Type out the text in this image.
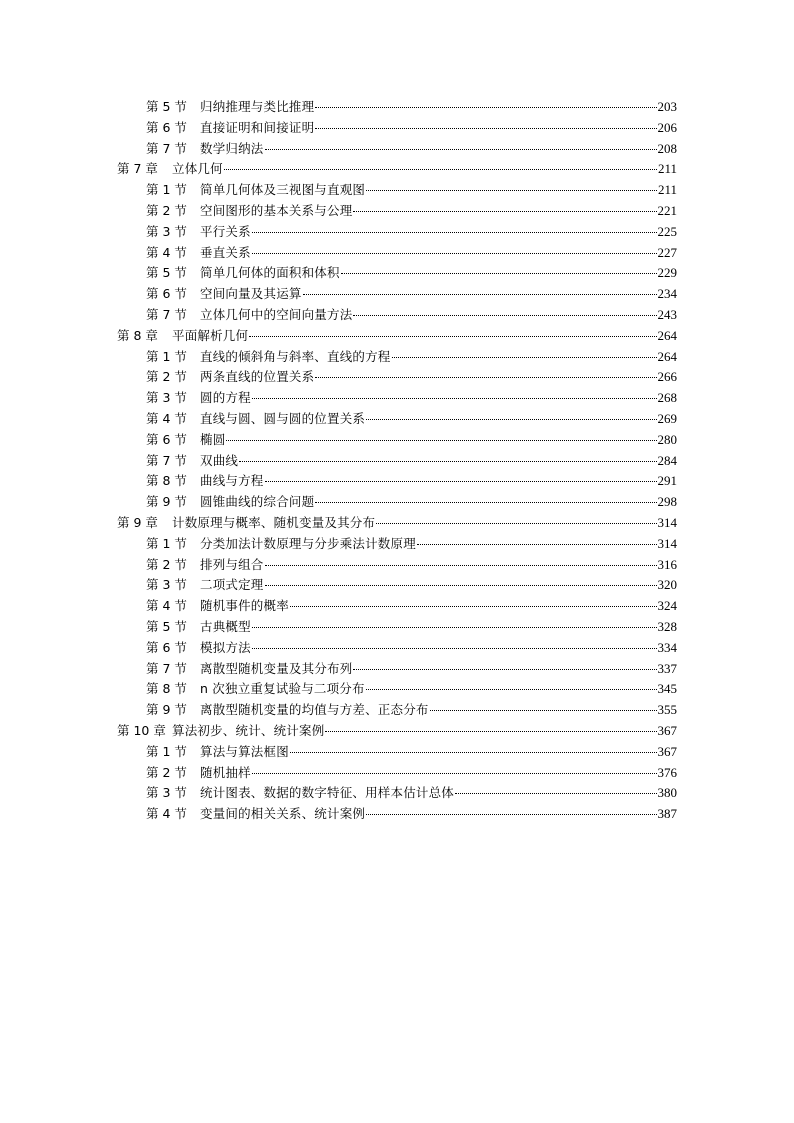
第 5 节	归纳推理与类比推理	203
第 6 节	直接证明和间接证明	206
第 7 节	数学归纳法	208
第 7 章	立体几何	211
第 1 节	简单几何体及三视图与直观图	211
第 2 节	空间图形的基本关系与公理	221
第 3 节	平行关系	225
第 4 节	垂直关系	227
第 5 节	简单几何体的面积和体积	229
第 6 节	空间向量及其运算	234
第 7 节	立体几何中的空间向量方法	243
第 8 章	平面解析几何	264
第 1 节	直线的倾斜角与斜率、直线的方程	264
第 2 节	两条直线的位置关系	266
第 3 节	圆的方程	268
第 4 节	直线与圆、圆与圆的位置关系	269
第 6 节	椭圆	280
第 7 节	双曲线	284
第 8 节	曲线与方程	291
第 9 节	圆锥曲线的综合问题	298
第 9 章	计数原理与概率、随机变量及其分布	314
第 1 节	分类加法计数原理与分步乘法计数原理	314
第 2 节	排列与组合	316
第 3 节	二项式定理	320
第 4 节	随机事件的概率	324
第 5 节	古典概型	328
第 6 节	模拟方法	334
第 7 节	离散型随机变量及其分布列	337
第 8 节	n 次独立重复试验与二项分布	345
第 9 节	离散型随机变量的均值与方差、正态分布	355
第 10 章 算法初步、统计、统计案例	367
第 1 节	算法与算法框图	367
第 2 节	随机抽样	376
第 3 节	统计图表、数据的数字特征、用样本估计总体	380
第 4 节	变量间的相关关系、统计案例	387
